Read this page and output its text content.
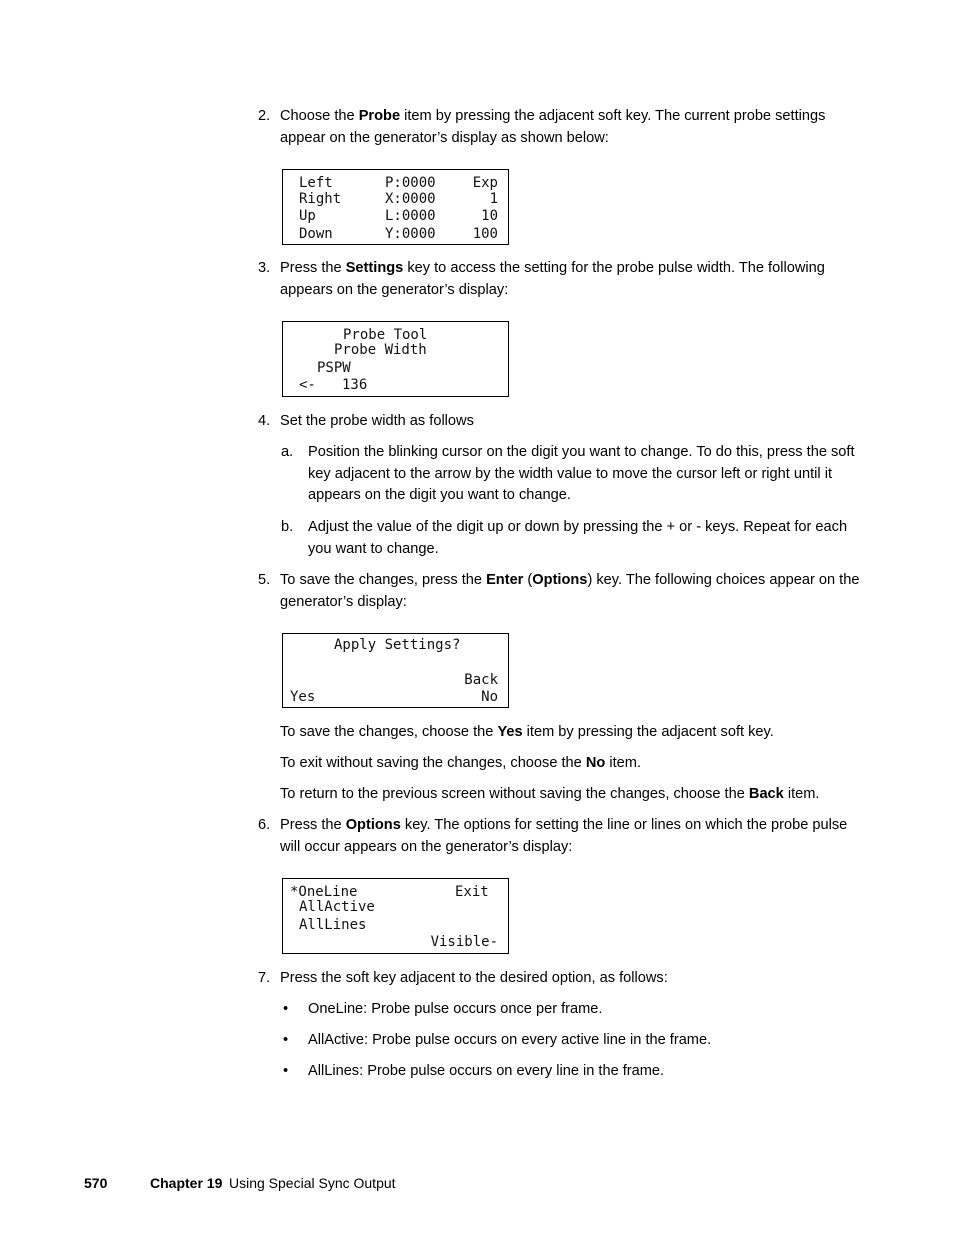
2. Choose the Probe item by pressing the adjacent soft key. The current probe settings appear on the generator’s display as shown below:
Left	P:0000	Exp
Right	X:0000	1
Up	L:0000	10
Down	Y:0000	100
3. Press the Settings key to access the setting for the probe pulse width. The following appears on the generator’s display:
Probe Tool
Probe Width
PSPW
<- 136
4. Set the probe width as follows
a. Position the blinking cursor on the digit you want to change. To do this, press the soft key adjacent to the arrow by the width value to move the cursor left or right until it appears on the digit you want to change.
b. Adjust the value of the digit up or down by pressing the + or - keys. Repeat for each you want to change.
5. To save the changes, press the Enter (Options) key. The following choices appear on the generator’s display:
Apply Settings?
Back
Yes	No
To save the changes, choose the Yes item by pressing the adjacent soft key.
To exit without saving the changes, choose the No item.
To return to the previous screen without saving the changes, choose the Back item.
6. Press the Options key. The options for setting the line or lines on which the probe pulse will occur appears on the generator’s display:
*OneLine	Exit
AllActive
AllLines
Visible-
7. Press the soft key adjacent to the desired option, as follows:
• OneLine: Probe pulse occurs once per frame.
• AllActive: Probe pulse occurs on every active line in the frame.
• AllLines: Probe pulse occurs on every line in the frame.
570	Chapter 19 Using Special Sync Output
